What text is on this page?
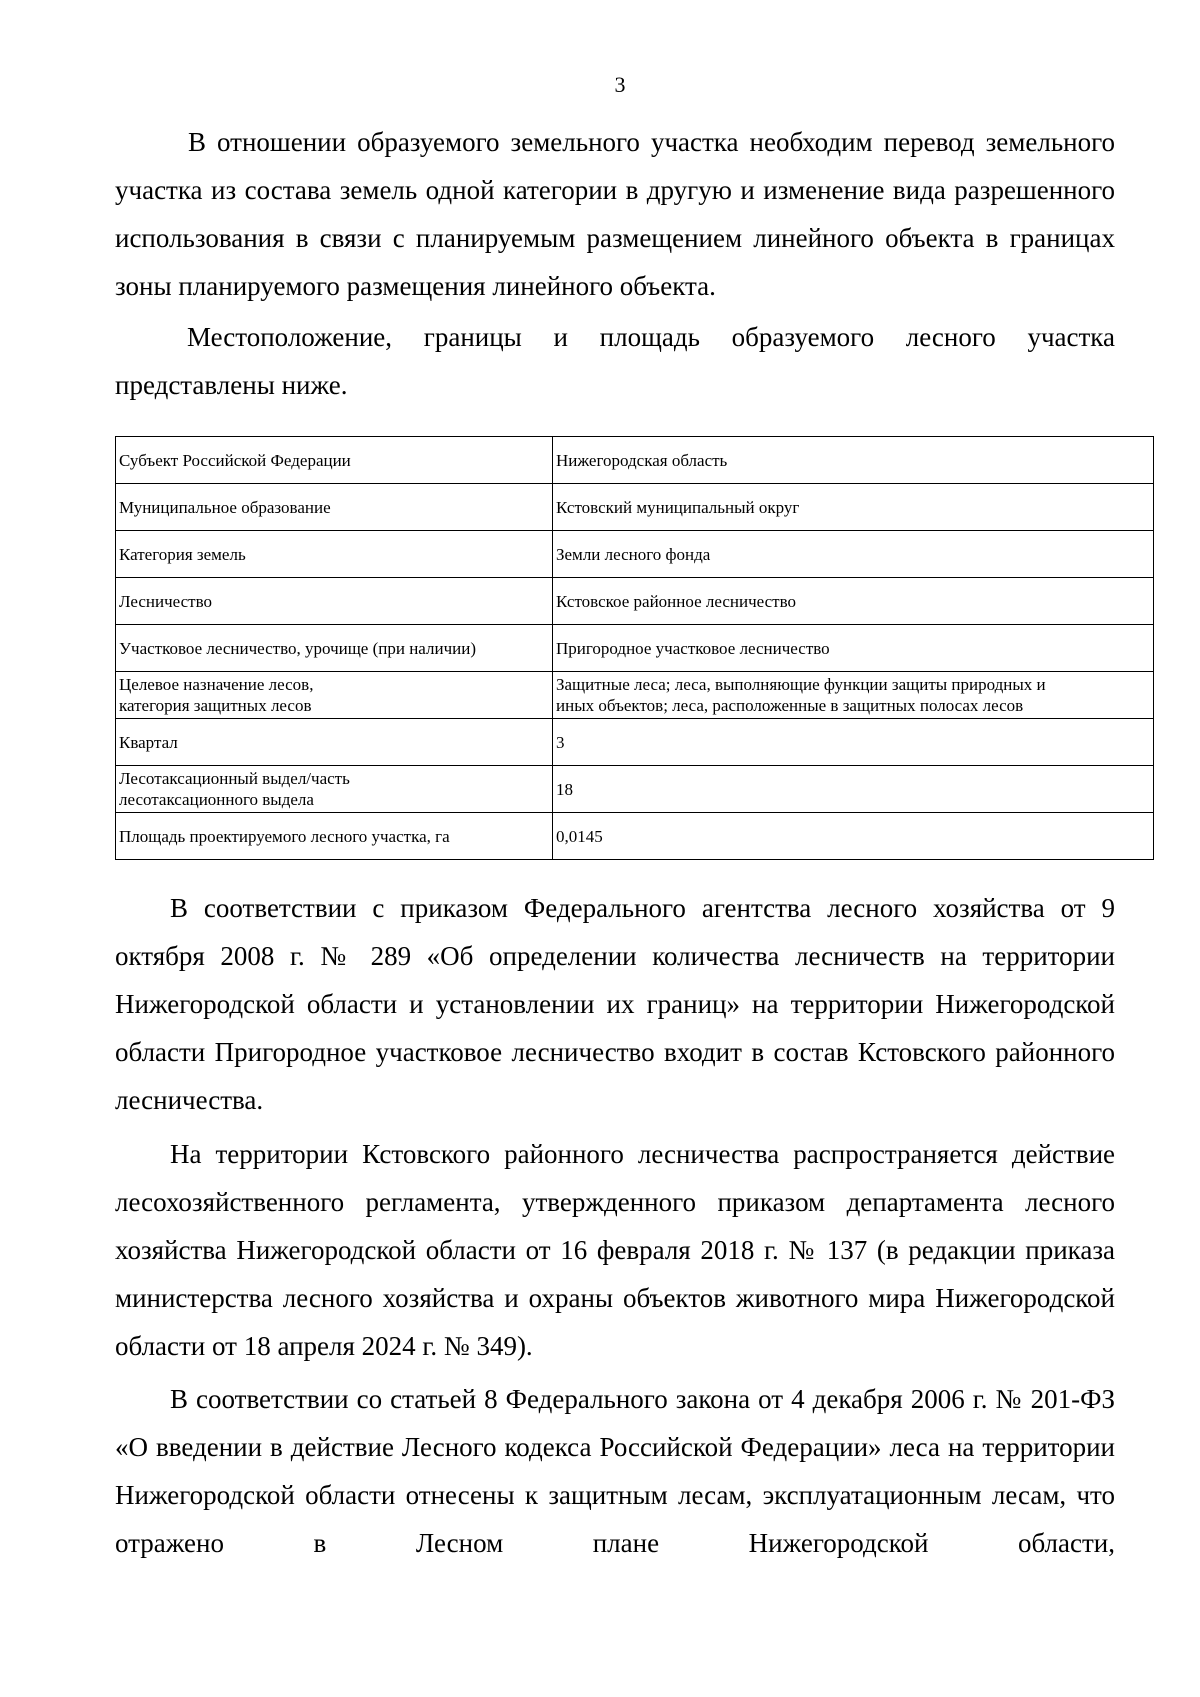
3

В отношении образуемого земельного участка необходим перевод земельного участка из состава земель одной категории в другую и изменение вида разрешенного использования в связи с планируемым размещением линейного объекта в границах зоны планируемого размещения линейного объекта.

Местоположение, границы и площадь образуемого лесного участка представлены ниже.

Субъект Российской Федерации	Нижегородская область
Муниципальное образование	Кстовский муниципальный округ
Категория земель	Земли лесного фонда
Лесничество	Кстовское районное лесничество
Участковое лесничество, урочище (при наличии)	Пригородное участковое лесничество
Целевое назначение лесов,
категория защитных лесов	Защитные леса; леса, выполняющие функции защиты природных и
иных объектов; леса, расположенные в защитных полосах лесов
Квартал	3
Лесотаксационный выдел/часть
лесотаксационного выдела	18
Площадь проектируемого лесного участка, га	0,0145

В соответствии с приказом Федерального агентства лесного хозяйства от 9 октября 2008 г. № 289 «Об определении количества лесничеств на территории Нижегородской области и установлении их границ» на территории Нижегородской области Пригородное участковое лесничество входит в состав Кстовского районного лесничества.

На территории Кстовского районного лесничества распространяется действие лесохозяйственного регламента, утвержденного приказом департамента лесного хозяйства Нижегородской области от 16 февраля 2018 г. № 137 (в редакции приказа министерства лесного хозяйства и охраны объектов животного мира Нижегородской области от 18 апреля 2024 г. № 349).

В соответствии со статьей 8 Федерального закона от 4 декабря 2006 г. № 201-ФЗ «О введении в действие Лесного кодекса Российской Федерации» леса на территории Нижегородской области отнесены к защитным лесам, эксплуатационным лесам, что отражено в Лесном плане Нижегородской области,
